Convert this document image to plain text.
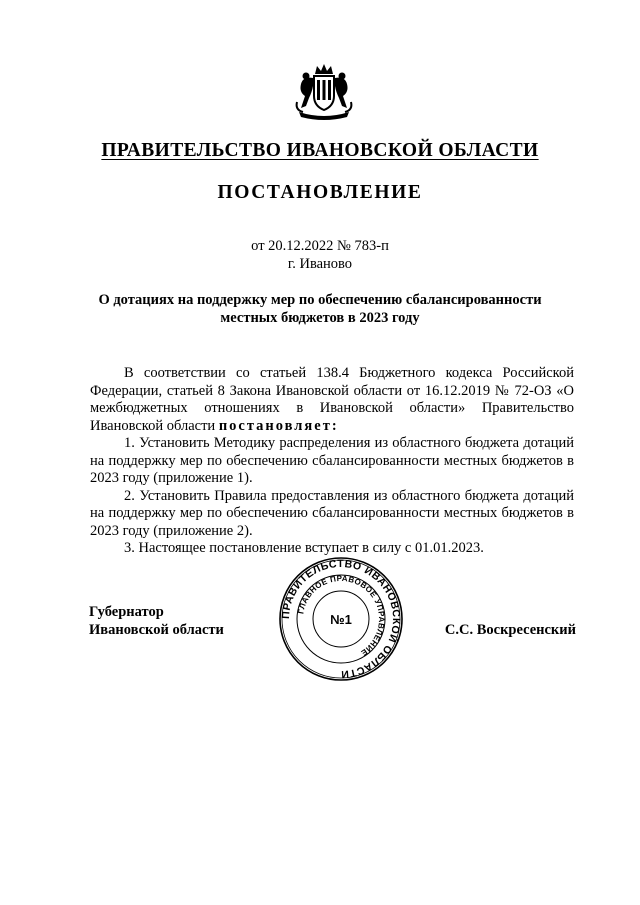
ПРАВИТЕЛЬСТВО ИВАНОВСКОЙ ОБЛАСТИ
ПОСТАНОВЛЕНИЕ
от 20.12.2022 № 783-п
г. Иваново
О дотациях на поддержку мер по обеспечению сбалансированности
местных бюджетов в 2023 году

В соответствии со статьей 138.4 Бюджетного кодекса Российской Федерации, статьей 8 Закона Ивановской области от 16.12.2019 № 72-ОЗ «О межбюджетных отношениях в Ивановской области» Правительство Ивановской области постановляет:

1. Установить Методику распределения из областного бюджета дотаций на поддержку мер по обеспечению сбалансированности местных бюджетов в 2023 году (приложение 1).

2. Установить Правила предоставления из областного бюджета дотаций на поддержку мер по обеспечению сбалансированности местных бюджетов в 2023 году (приложение 2).

3. Настоящее постановление вступает в силу с 01.01.2023.

Губернатор
Ивановской области	С.С. Воскресенский
ПРАВИТЕЛЬСТВО ИВАНОВСКОЙ ОБЛАСТИ
ГЛАВНОЕ ПРАВОВОЕ УПРАВЛЕНИЕ
№1
